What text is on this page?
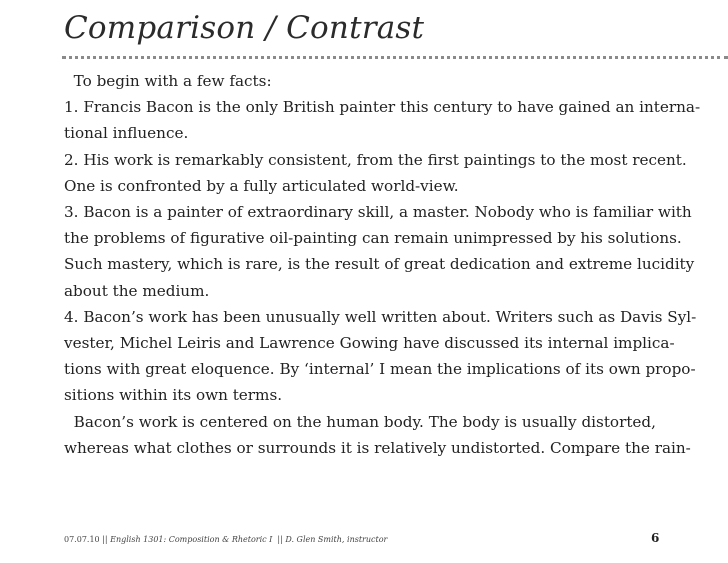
Comparison / Contrast
To begin with a few facts:
1. Francis Bacon is the only British painter this century to have gained an interna-
tional influence.
2. His work is remarkably consistent, from the first paintings to the most recent.
One is confronted by a fully articulated world-view.
3. Bacon is a painter of extraordinary skill, a master. Nobody who is familiar with
the problems of figurative oil-painting can remain unimpressed by his solutions.
Such mastery, which is rare, is the result of great dedication and extreme lucidity
about the medium.
4. Bacon’s work has been unusually well written about. Writers such as Davis Syl-
vester, Michel Leiris and Lawrence Gowing have discussed its internal implica-
tions with great eloquence. By ‘internal’ I mean the implications of its own propo-
sitions within its own terms.
Bacon’s work is centered on the human body. The body is usually distorted,
whereas what clothes or surrounds it is relatively undistorted. Compare the rain-
07.07.10 || English 1301: Composition & Rhetoric I  || D. Glen Smith, instructor	6
